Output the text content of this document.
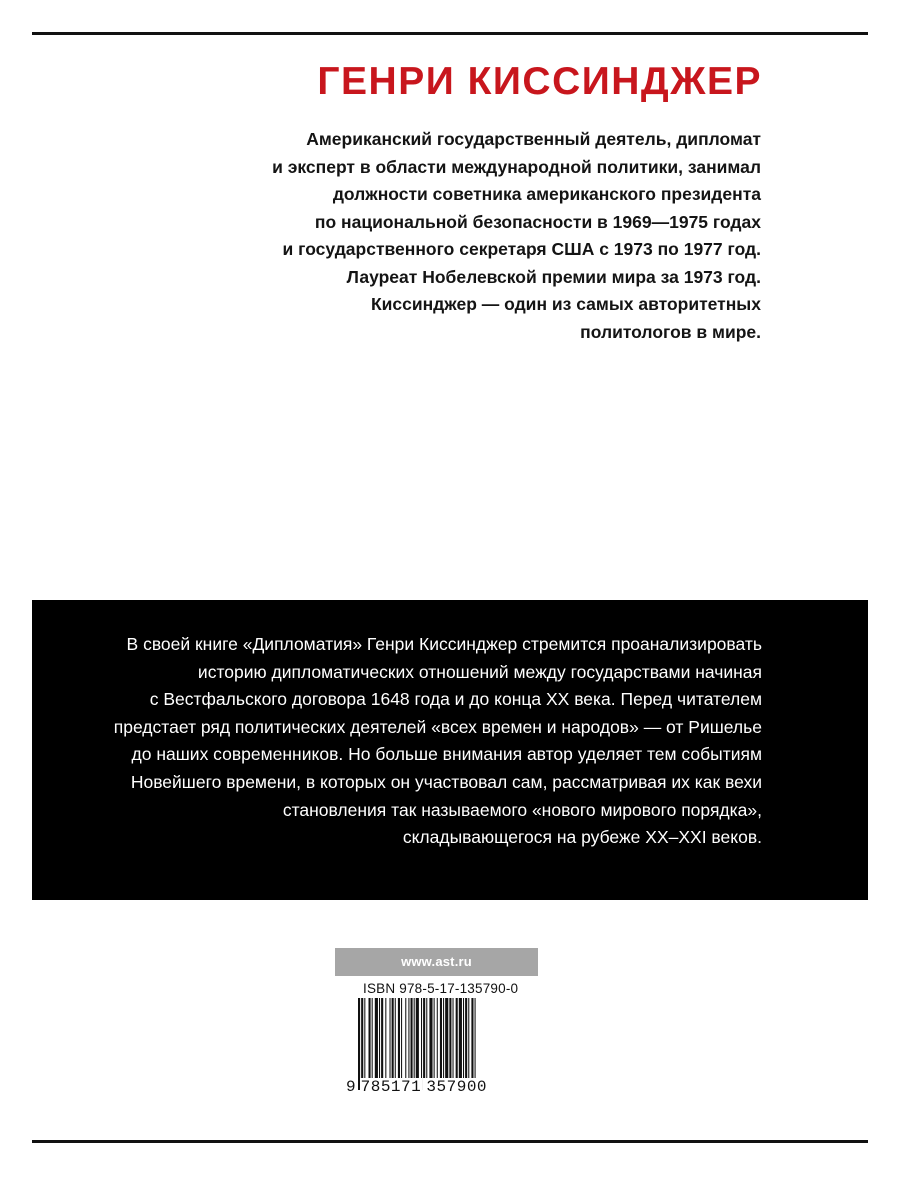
ГЕНРИ КИССИНДЖЕР

Американский государственный деятель, дипломат
и эксперт в области международной политики, занимал
должности советника американского президента
по национальной безопасности в 1969—1975 годах
и государственного секретаря США с 1973 по 1977 год.
Лауреат Нобелевской премии мира за 1973 год.
Киссинджер — один из самых авторитетных
политологов в мире.

В своей книге «Дипломатия» Генри Киссинджер стремится проанализировать
историю дипломатических отношений между государствами начиная
с Вестфальского договора 1648 года и до конца XX века. Перед читателем
предстает ряд политических деятелей «всех времен и народов» — от Ришелье
до наших современников. Но больше внимания автор уделяет тем событиям
Новейшего времени, в которых он участвовал сам, рассматривая их как вехи
становления так называемого «нового мирового порядка»,
складывающегося на рубеже XX–XXI веков.

www.ast.ru
ISBN 978-5-17-135790-0
9 785171  357900
